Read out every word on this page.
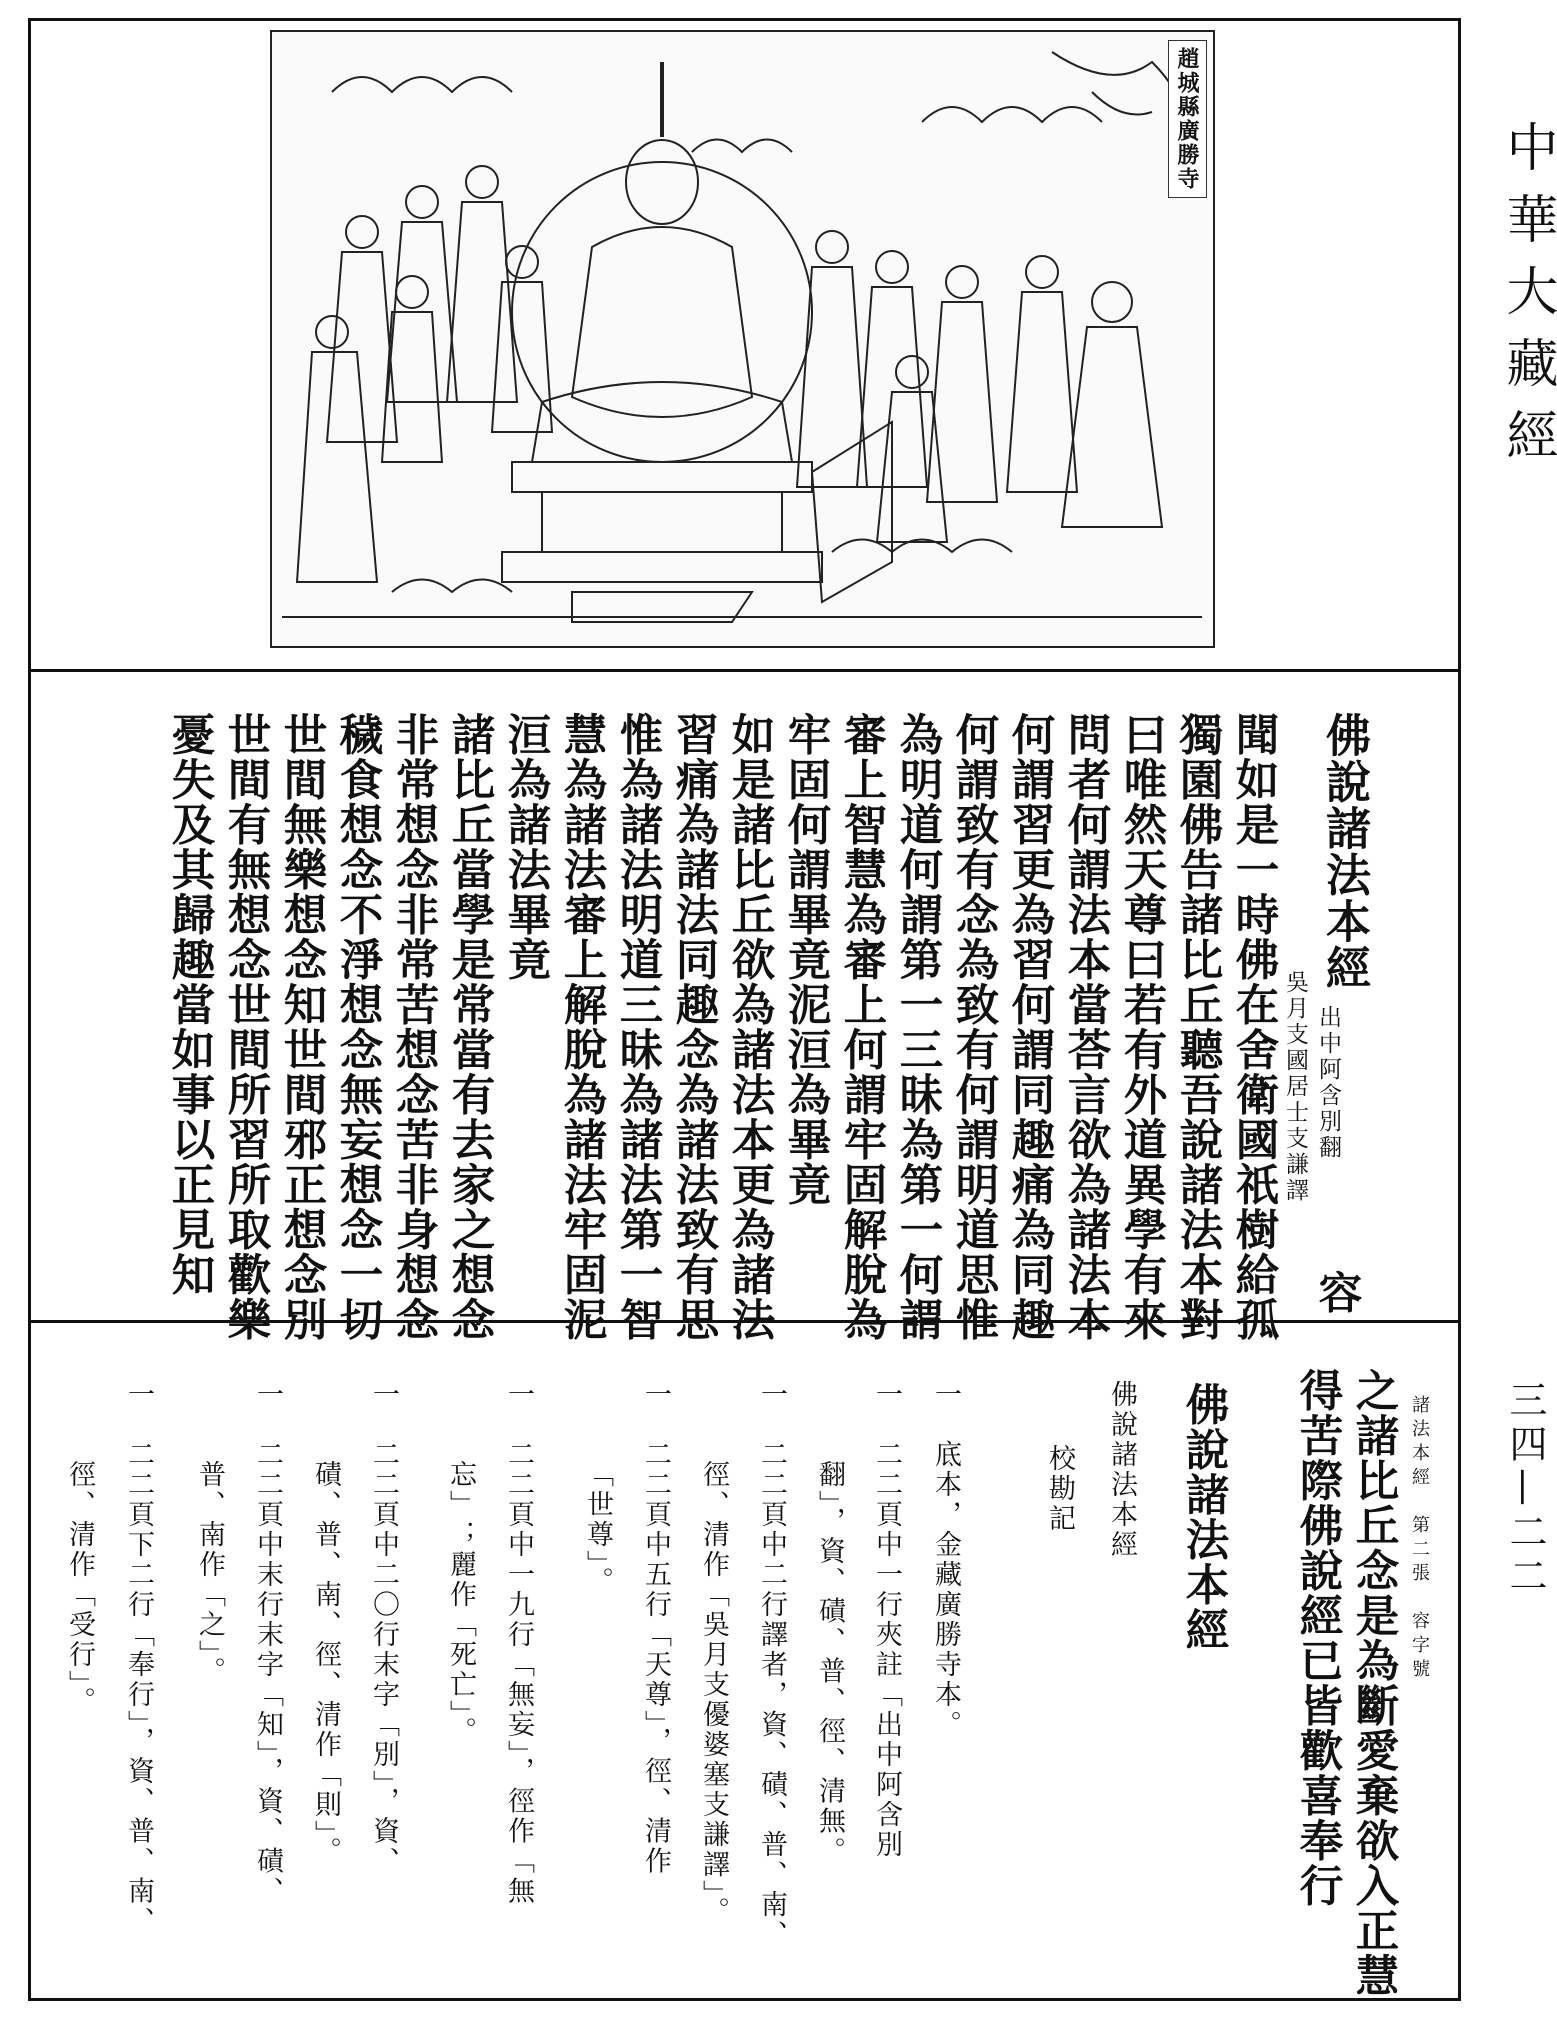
中華大藏經
三四—二二
趙城縣廣勝寺
佛說諸法本經
出中阿含別翻
吳月支國居士支謙譯
容
聞如是一時佛在舍衛國祇樹給孤
獨園佛告諸比丘聽吾說諸法本對
曰唯然天尊曰若有外道異學有來
問者何謂法本當荅言欲為諸法本
何謂習更為習何謂同趣痛為同趣
何謂致有念為致有何謂明道思惟
為明道何謂第一三昧為第一何謂
審上智慧為審上何謂牢固解脫為
牢固何謂畢竟泥洹為畢竟
如是諸比丘欲為諸法本更為諸法
習痛為諸法同趣念為諸法致有思
惟為諸法明道三昧為諸法第一智
慧為諸法審上解脫為諸法牢固泥
洹為諸法畢竟
諸比丘當學是常當有去家之想念
非常想念非常苦想念苦非身想念
穢食想念不淨想念無妄想念一切
世間無樂想念知世間邪正想念別
世間有無想念世間所習所取歡樂
憂失及其歸趣當如事以正見知
之諸比丘念是為斷愛棄欲入正慧
得苦際佛說經已皆歡喜奉行	諸法本經　第二張　容字號
佛說諸法本經
佛說諸法本經
校勘記
一　底本，金藏廣勝寺本。
一　二二頁中一行夾註「出中阿含別
翻」，資、磧、普、徑、清無。
一　二二頁中二行譯者，資、磧、普、南、
徑、清作「吳月支優婆塞支謙譯」。
一　二二頁中五行「天尊」，徑、清作
「世尊」。
一　二二頁中一九行「無妄」，徑作「無
忘」；麗作「死亡」。
一　二二頁中二〇行末字「別」，資、
磧、普、南、徑、清作「則」。
一　二二頁中末行末字「知」，資、磧、
普、南作「之」。
一　二二頁下二行「奉行」，資、普、南、
徑、清作「受行」。
